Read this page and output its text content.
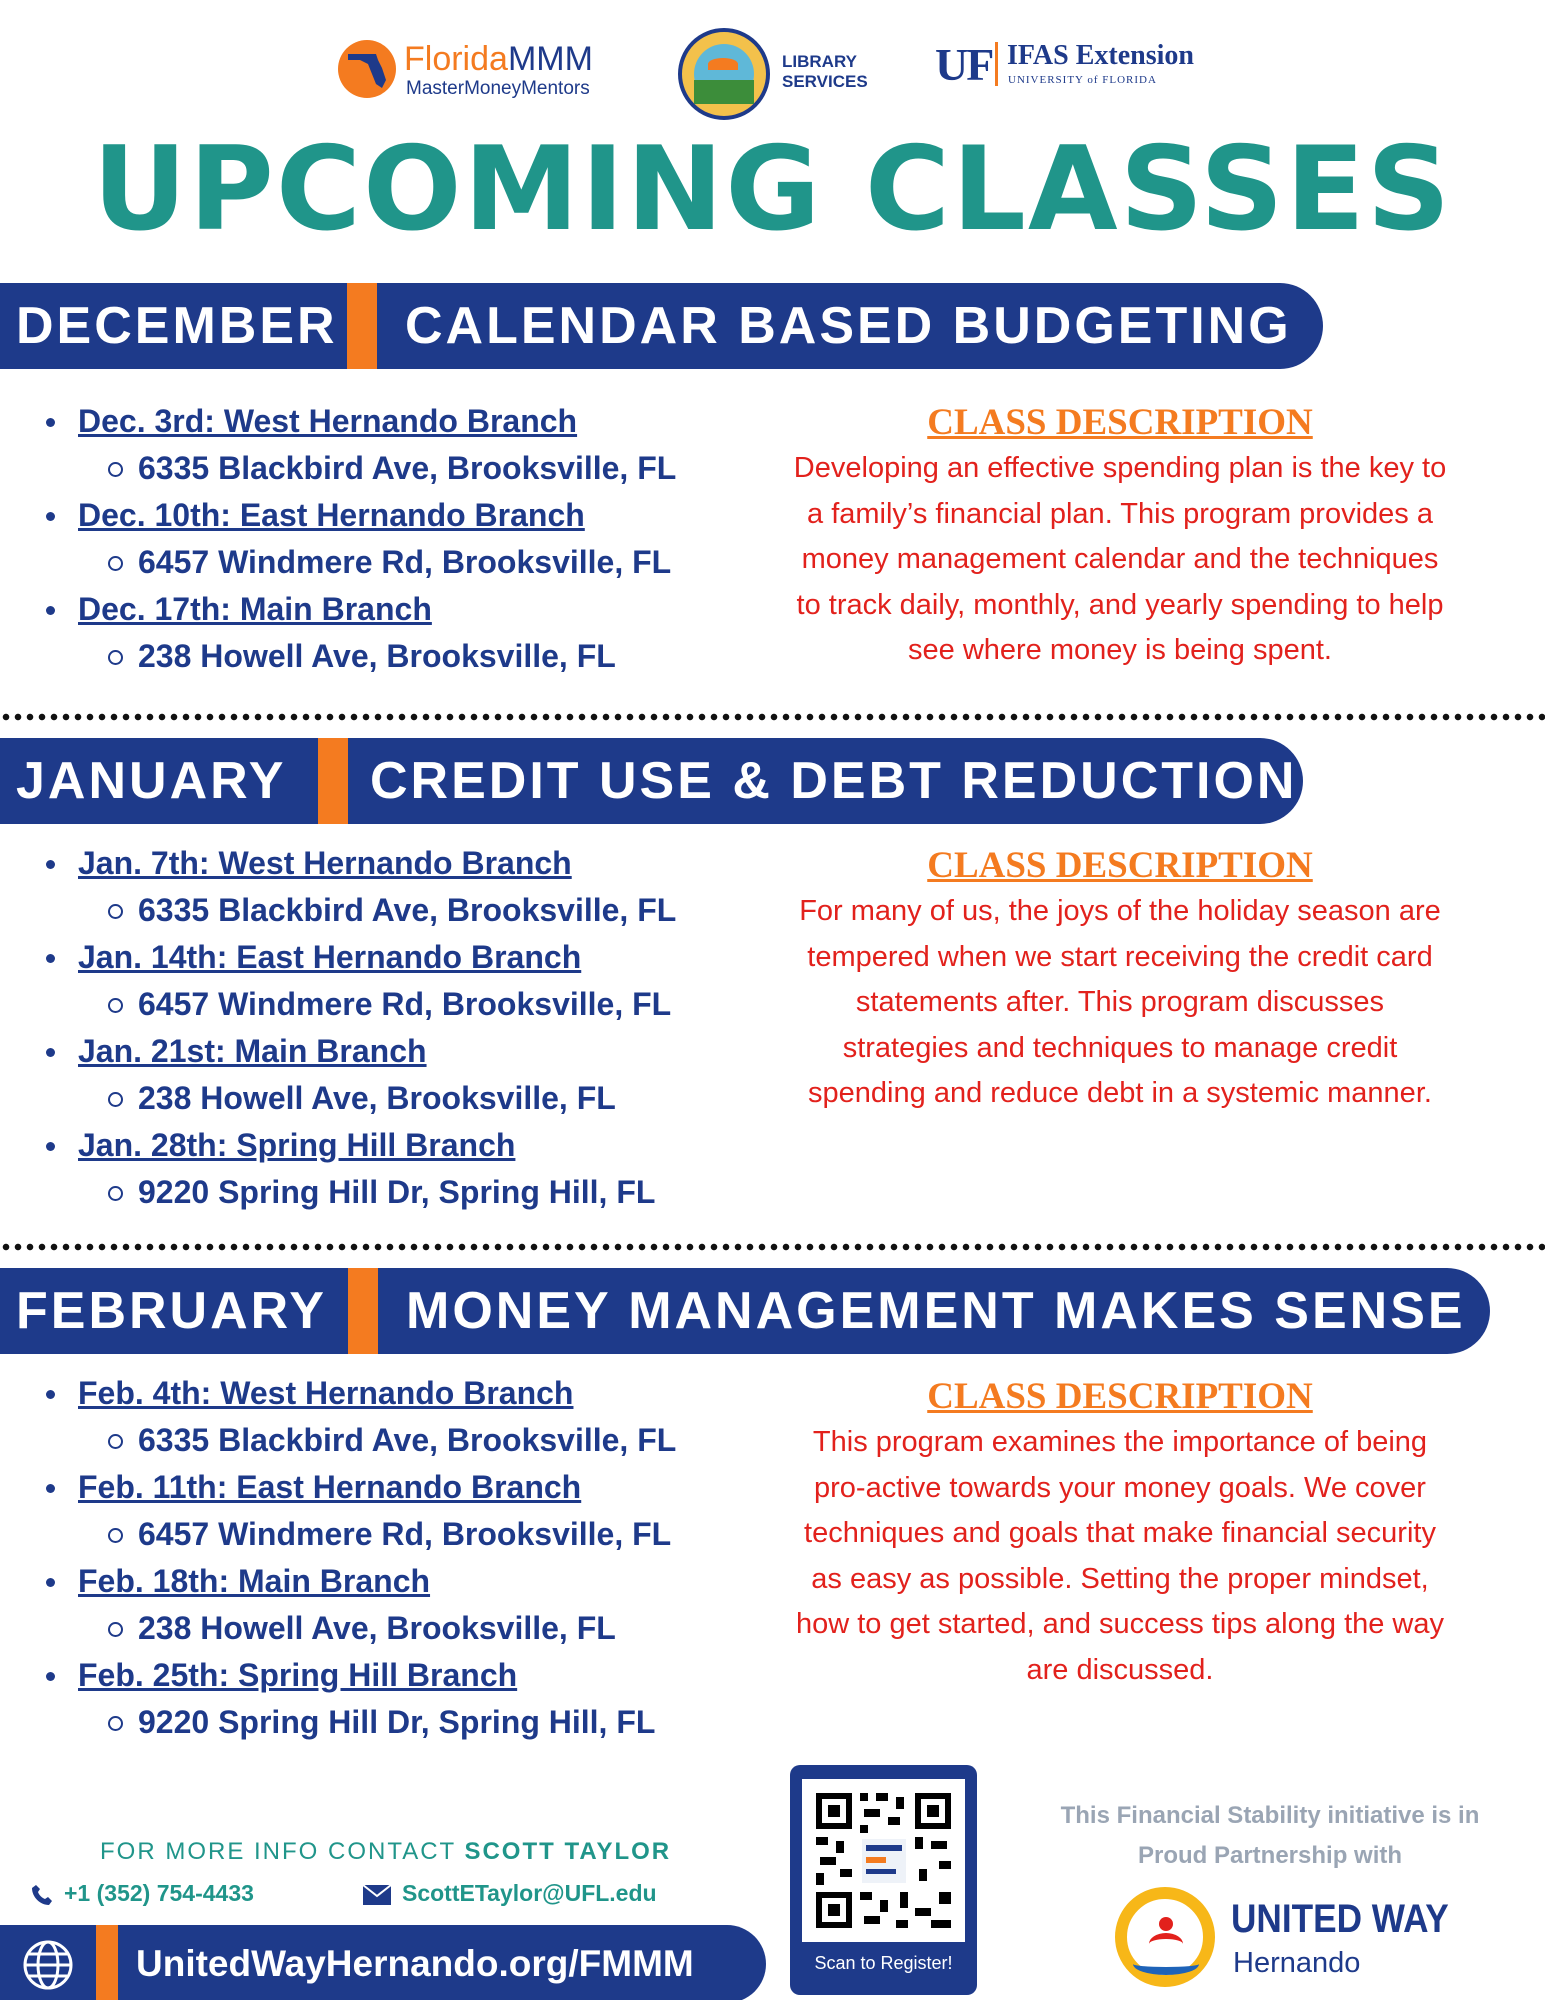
FloridaMMM
MasterMoneyMentors
LIBRARY
SERVICES UF IFAS Extension
UNIVERSITY of FLORIDA
UPCOMING CLASSES
DECEMBER CALENDAR BASED BUDGETING
Dec. 3rd: West Hernando Branch
6335 Blackbird Ave, Brooksville, FL
Dec. 10th: East Hernando Branch
6457 Windmere Rd, Brooksville, FL
Dec. 17th: Main Branch
238 Howell Ave, Brooksville, FL
CLASS DESCRIPTION
Developing an effective spending plan is the key to
a family’s financial plan. This program provides a
money management calendar and the techniques
to track daily, monthly, and yearly spending to help
see where money is being spent.
JANUARY CREDIT USE & DEBT REDUCTION
Jan. 7th: West Hernando Branch
6335 Blackbird Ave, Brooksville, FL
Jan. 14th: East Hernando Branch
6457 Windmere Rd, Brooksville, FL
Jan. 21st: Main Branch
238 Howell Ave, Brooksville, FL
Jan. 28th: Spring Hill Branch
9220 Spring Hill Dr, Spring Hill, FL
CLASS DESCRIPTION
For many of us, the joys of the holiday season are
tempered when we start receiving the credit card
statements after. This program discusses
strategies and techniques to manage credit
spending and reduce debt in a systemic manner.
FEBRUARY MONEY MANAGEMENT MAKES SENSE
Feb. 4th: West Hernando Branch
6335 Blackbird Ave, Brooksville, FL
Feb. 11th: East Hernando Branch
6457 Windmere Rd, Brooksville, FL
Feb. 18th: Main Branch
238 Howell Ave, Brooksville, FL
Feb. 25th: Spring Hill Branch
9220 Spring Hill Dr, Spring Hill, FL
CLASS DESCRIPTION
This program examines the importance of being
pro-active towards your money goals. We cover
techniques and goals that make financial security
as easy as possible. Setting the proper mindset,
how to get started, and success tips along the way
are discussed.
FOR MORE INFO CONTACT SCOTT TAYLOR
+1 (352) 754-4433	ScottETaylor@UFL.edu
UnitedWayHernando.org/FMMM	Scan to Register!
This Financial Stability initiative is in
Proud Partnership with
UNITED WAY
Hernando
